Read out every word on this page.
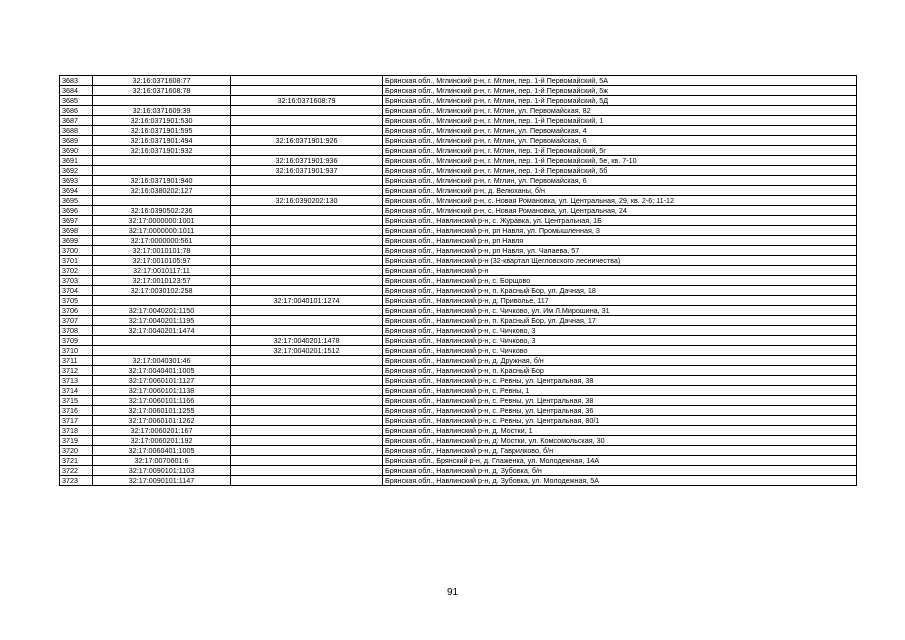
3683	32:16:0371608:77		Брянская обл., Мглинский р-н, г. Мглин, пер. 1-й Первомайский, 5А
3684	32:16:0371608:78		Брянская обл., Мглинский р-н, г. Мглин, пер. 1-й Первомайский, 5ж
3685		32:16:0371608:79	Брянская обл., Мглинский р-н, г. Мглин, пер. 1-й Первомайский, 5Д
3686	32:16:0371609:39		Брянская обл., Мглинский р-н, г. Мглин, ул. Первомайская, 82
3687	32:16:0371901:530		Брянская обл., Мглинский р-н, г. Мглин, пер. 1-й Первомайский, 1
3688	32:16:0371901:595		Брянская обл., Мглинский р-н, г. Мглин, ул. Первомайская, 4
3689	32:16:0371901:494	32:16:0371901:926	Брянская обл., Мглинский р-н, г. Мглин, ул. Первомайская, 6
3690	32:16:0371901:932		Брянская обл., Мглинский р-н, г. Мглин, пер. 1-й Первомайский, 5г
3691		32:16:0371901:936	Брянская обл., Мглинский р-н, г. Мглин, пер. 1-й Первомайский, 5е, кв. 7-10
3692		32:16:0371901:937	Брянская обл., Мглинский р-н, г. Мглин, пер. 1-й Первомайский, 5б
3693	32:16:0371901:940		Брянская обл., Мглинский р-н, г. Мглин, ул. Первомайская, 6
3694	32:16:0380202:127		Брянская обл., Мглинский р-н, д. Велюханы, б/н
3695		32:16:0390202:130	Брянская обл., Мглинский р-н, с. Новая Романовка, ул. Центральная, 29, кв. 2-6; 11-12
3696	32:16:0390502:236		Брянская обл., Мглинский р-н, с. Новая Романовка, ул. Центральная, 24
3697	32:17:0000000:1001		Брянская обл., Навлинский р-н, с. Журавка, ул. Центральная, 1Б
3698	32:17:0000000:1011		Брянская обл., Навлинский р-н, рп Навля, ул. Промышленная, 3
3699	32:17:0000000:561		Брянская обл., Навлинский р-н, рп Навля
3700	32:17:0010101:78		Брянская обл., Навлинский р-н, рп Навля, ул. Чапаева, 57
3701	32:17:0010105:97		Брянская обл., Навлинский р-н (32-квартал Щегловского лесничества)
3702	32:17:0010117:11		Брянская обл., Навлинский р-н
3703	32:17:0010123:57		Брянская обл., Навлинский р-н, с. Борщово
3704	32:17:0030102:258		Брянская обл., Навлинский р-н, п. Красный Бор, ул. Дачная, 18
3705		32:17:0040101:1274	Брянская обл., Навлинский р-н, д. Приволье, 117
3706	32:17:0040201:1150		Брянская обл., Навлинский р-н, с. Чичково, ул. Им Л.Мирошина, 31
3707	32:17:0040201:1195		Брянская обл., Навлинский р-н, п. Красный Бор, ул. Дачная, 17
3708	32:17:0040201:1474		Брянская обл., Навлинский р-н, с. Чичково, 3
3709		32:17:0040201:1478	Брянская обл., Навлинский р-н, с. Чичково, 3
3710		32:17:0040201:1512	Брянская обл., Навлинский р-н, с. Чичково
3711	32:17:0040301:46		Брянская обл., Навлинский р-н, д. Дружная, б/н
3712	32:17:0040401:1005		Брянская обл., Навлинский р-н, п. Красный Бор
3713	32:17:0060101:1127		Брянская обл., Навлинский р-н, с. Ревны, ул. Центральная, 38
3714	32:17:0060101:1138		Брянская обл., Навлинский р-н, с. Ревны, 1
3715	32:17:0060101:1166		Брянская обл., Навлинский р-н, с. Ревны, ул. Центральная, 38
3716	32:17:0060101:1255		Брянская обл., Навлинский р-н, с. Ревны, ул. Центральная, 36
3717	32:17:0060101:1262		Брянская обл., Навлинский р-н, с. Ревны, ул. Центральная, 80/1
3718	32:17:0060201:167		Брянская обл., Навлинский р-н, д. Мостки, 1
3719	32:17:0060201:192		Брянская обл., Навлинский р-н, д. Мостки, ул. Комсомольская, 30
3720	32:17:0060401:1005		Брянская обл., Навлинский р-н, д. Гаврилково, б/н
3721	32:17:0070601:6		Брянская обл., Брянский р-н, д. Глаженка, ул. Молодежная, 14А
3722	32:17:0090101:1103		Брянская обл., Навлинский р-н, д. Зубовка, б/н
3723	32:17:0090101:1147		Брянская обл., Навлинский р-н, д. Зубовка, ул. Молодежная, 5А
91
